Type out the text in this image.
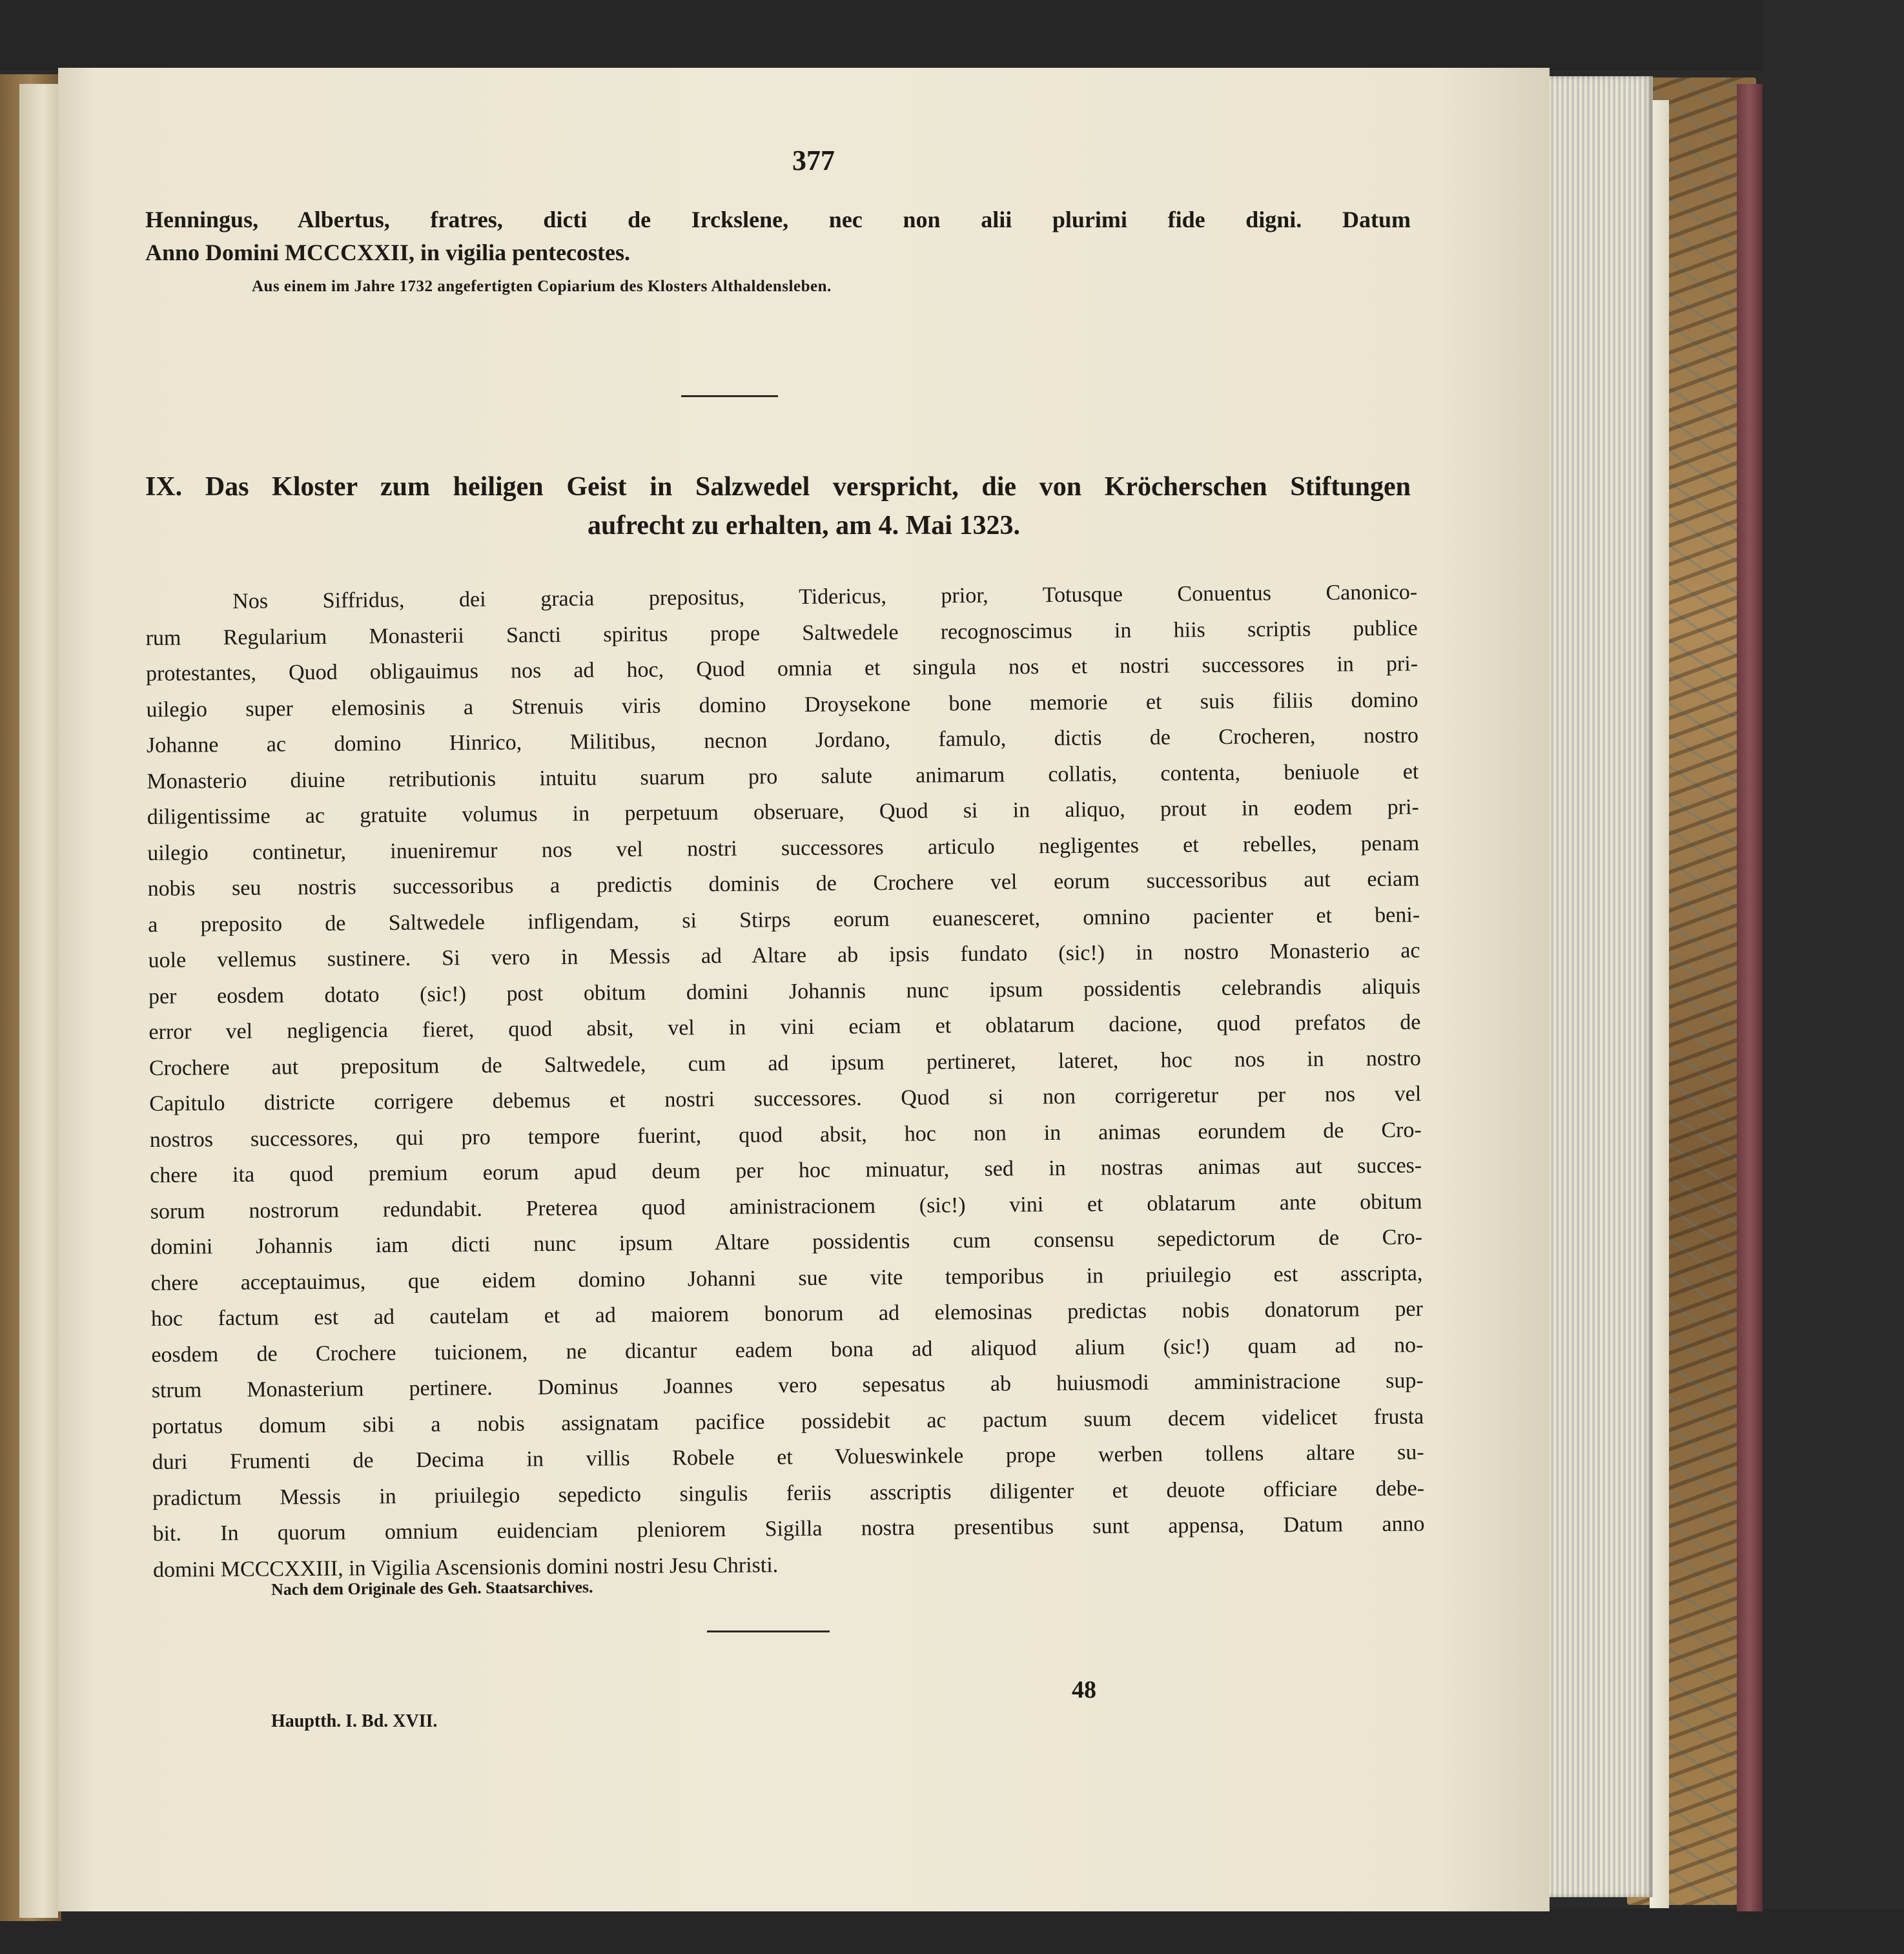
377
Henningus, Albertus, fratres, dicti de Irckslene, nec non alii plurimi fide digni. Datum
Anno Domini MCCCXXII, in vigilia pentecostes.
Aus einem im Jahre 1732 angefertigten Copiarium des Klosters Althaldensleben.
IX. Das Kloster zum heiligen Geist in Salzwedel verspricht, die von Kröcherschen Stiftungen
aufrecht zu erhalten, am 4. Mai 1323.
Nos Siffridus, dei gracia prepositus, Tidericus, prior, Totusque Conuentus Canonico-
rum Regularium Monasterii Sancti spiritus prope Saltwedele recognoscimus in hiis scriptis publice
protestantes, Quod obligauimus nos ad hoc, Quod omnia et singula nos et nostri successores in pri-
uilegio super elemosinis a Strenuis viris domino Droysekone bone memorie et suis filiis domino
Johanne ac domino Hinrico, Militibus, necnon Jordano, famulo, dictis de Crocheren, nostro
Monasterio diuine retributionis intuitu suarum pro salute animarum collatis, contenta, beniuole et
diligentissime ac gratuite volumus in perpetuum obseruare, Quod si in aliquo, prout in eodem pri-
uilegio continetur, inueniremur nos vel nostri successores articulo negligentes et rebelles, penam
nobis seu nostris successoribus a predictis dominis de Crochere vel eorum successoribus aut eciam
a preposito de Saltwedele infligendam, si Stirps eorum euanesceret, omnino pacienter et beni-
uole vellemus sustinere. Si vero in Messis ad Altare ab ipsis fundato (sic!) in nostro Monasterio ac
per eosdem dotato (sic!) post obitum domini Johannis nunc ipsum possidentis celebrandis aliquis
error vel negligencia fieret, quod absit, vel in vini eciam et oblatarum dacione, quod prefatos de
Crochere aut prepositum de Saltwedele, cum ad ipsum pertineret, lateret, hoc nos in nostro
Capitulo districte corrigere debemus et nostri successores. Quod si non corrigeretur per nos vel
nostros successores, qui pro tempore fuerint, quod absit, hoc non in animas eorundem de Cro-
chere ita quod premium eorum apud deum per hoc minuatur, sed in nostras animas aut succes-
sorum nostrorum redundabit. Preterea quod aministracionem (sic!) vini et oblatarum ante obitum
domini Johannis iam dicti nunc ipsum Altare possidentis cum consensu sepedictorum de Cro-
chere acceptauimus, que eidem domino Johanni sue vite temporibus in priuilegio est asscripta,
hoc factum est ad cautelam et ad maiorem bonorum ad elemosinas predictas nobis donatorum per
eosdem de Crochere tuicionem, ne dicantur eadem bona ad aliquod alium (sic!) quam ad no-
strum Monasterium pertinere. Dominus Joannes vero sepesatus ab huiusmodi amministracione sup-
portatus domum sibi a nobis assignatam pacifice possidebit ac pactum suum decem videlicet frusta
duri Frumenti de Decima in villis Robele et Volueswinkele prope werben tollens altare su-
pradictum Messis in priuilegio sepedicto singulis feriis asscriptis diligenter et deuote officiare debe-
bit. In quorum omnium euidenciam pleniorem Sigilla nostra presentibus sunt appensa, Datum anno
domini MCCCXXIII, in Vigilia Ascensionis domini nostri Jesu Christi.
Nach dem Originale des Geh. Staatsarchives.
48
Hauptth. I. Bd. XVII.
